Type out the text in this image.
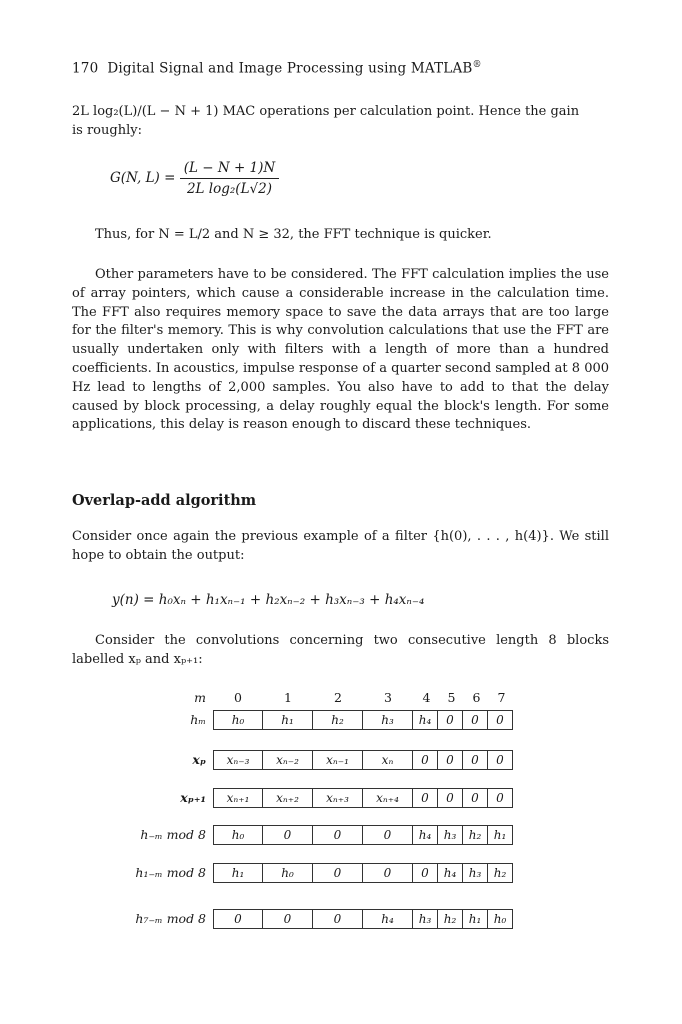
170 Digital Signal and Image Processing using MATLAB®
2L log₂(L)/(L − N + 1) MAC operations per calculation point. Hence the gain
is roughly:
G(N, $L) = \frac{(L - N + 1)N}{\text{2L log₂(L√2)}}$
Thus, for N = L/2 and N ≥ 32, the FFT technique is quicker.
Other parameters have to be considered. The FFT calculation implies the use of array pointers, which cause a considerable increase in the calculation time. The FFT also requires memory space to save the data arrays that are too large for the filter's memory. This is why convolution calculations that use the FFT are usually undertaken only with filters with a length of more than a hundred coefficients. In acoustics, impulse response of a quarter second sampled at 8 000 Hz lead to lengths of 2,000 samples. You also have to add to that the delay caused by block processing, a delay roughly equal the block's length. For some applications, this delay is reason enough to discard these techniques.
Overlap-add algorithm
Consider once again the previous example of a filter {h(0), . . . , h(4)}. We still hope to obtain the output:
y(n) = h₀xₙ + h₁xₙ₋₁ + h₂xₙ₋₂ + h₃xₙ₋₃ + h₄xₙ₋₄
Consider the convolutions concerning two consecutive length 8 blocks labelled xₚ and xₚ₊₁:
m	0	1	2	3	4	5	6	7
hₘ	h₀	h₁	h₂	h₃	h₄	0	0	0
xₚ	xₙ₋₃	xₙ₋₂	xₙ₋₁	xₙ	0	0	0	0
xₚ₊₁	xₙ₊₁	xₙ₊₂	xₙ₊₃	xₙ₊₄	0	0	0	0
h₋ₘ mod 8	h₀	0	0	0	h₄	h₃	h₂	h₁
h₁₋ₘ mod 8	h₁	h₀	0	0	0	h₄	h₃	h₂
h₇₋ₘ mod 8	0	0	0	h₄	h₃	h₂	h₁	h₀
